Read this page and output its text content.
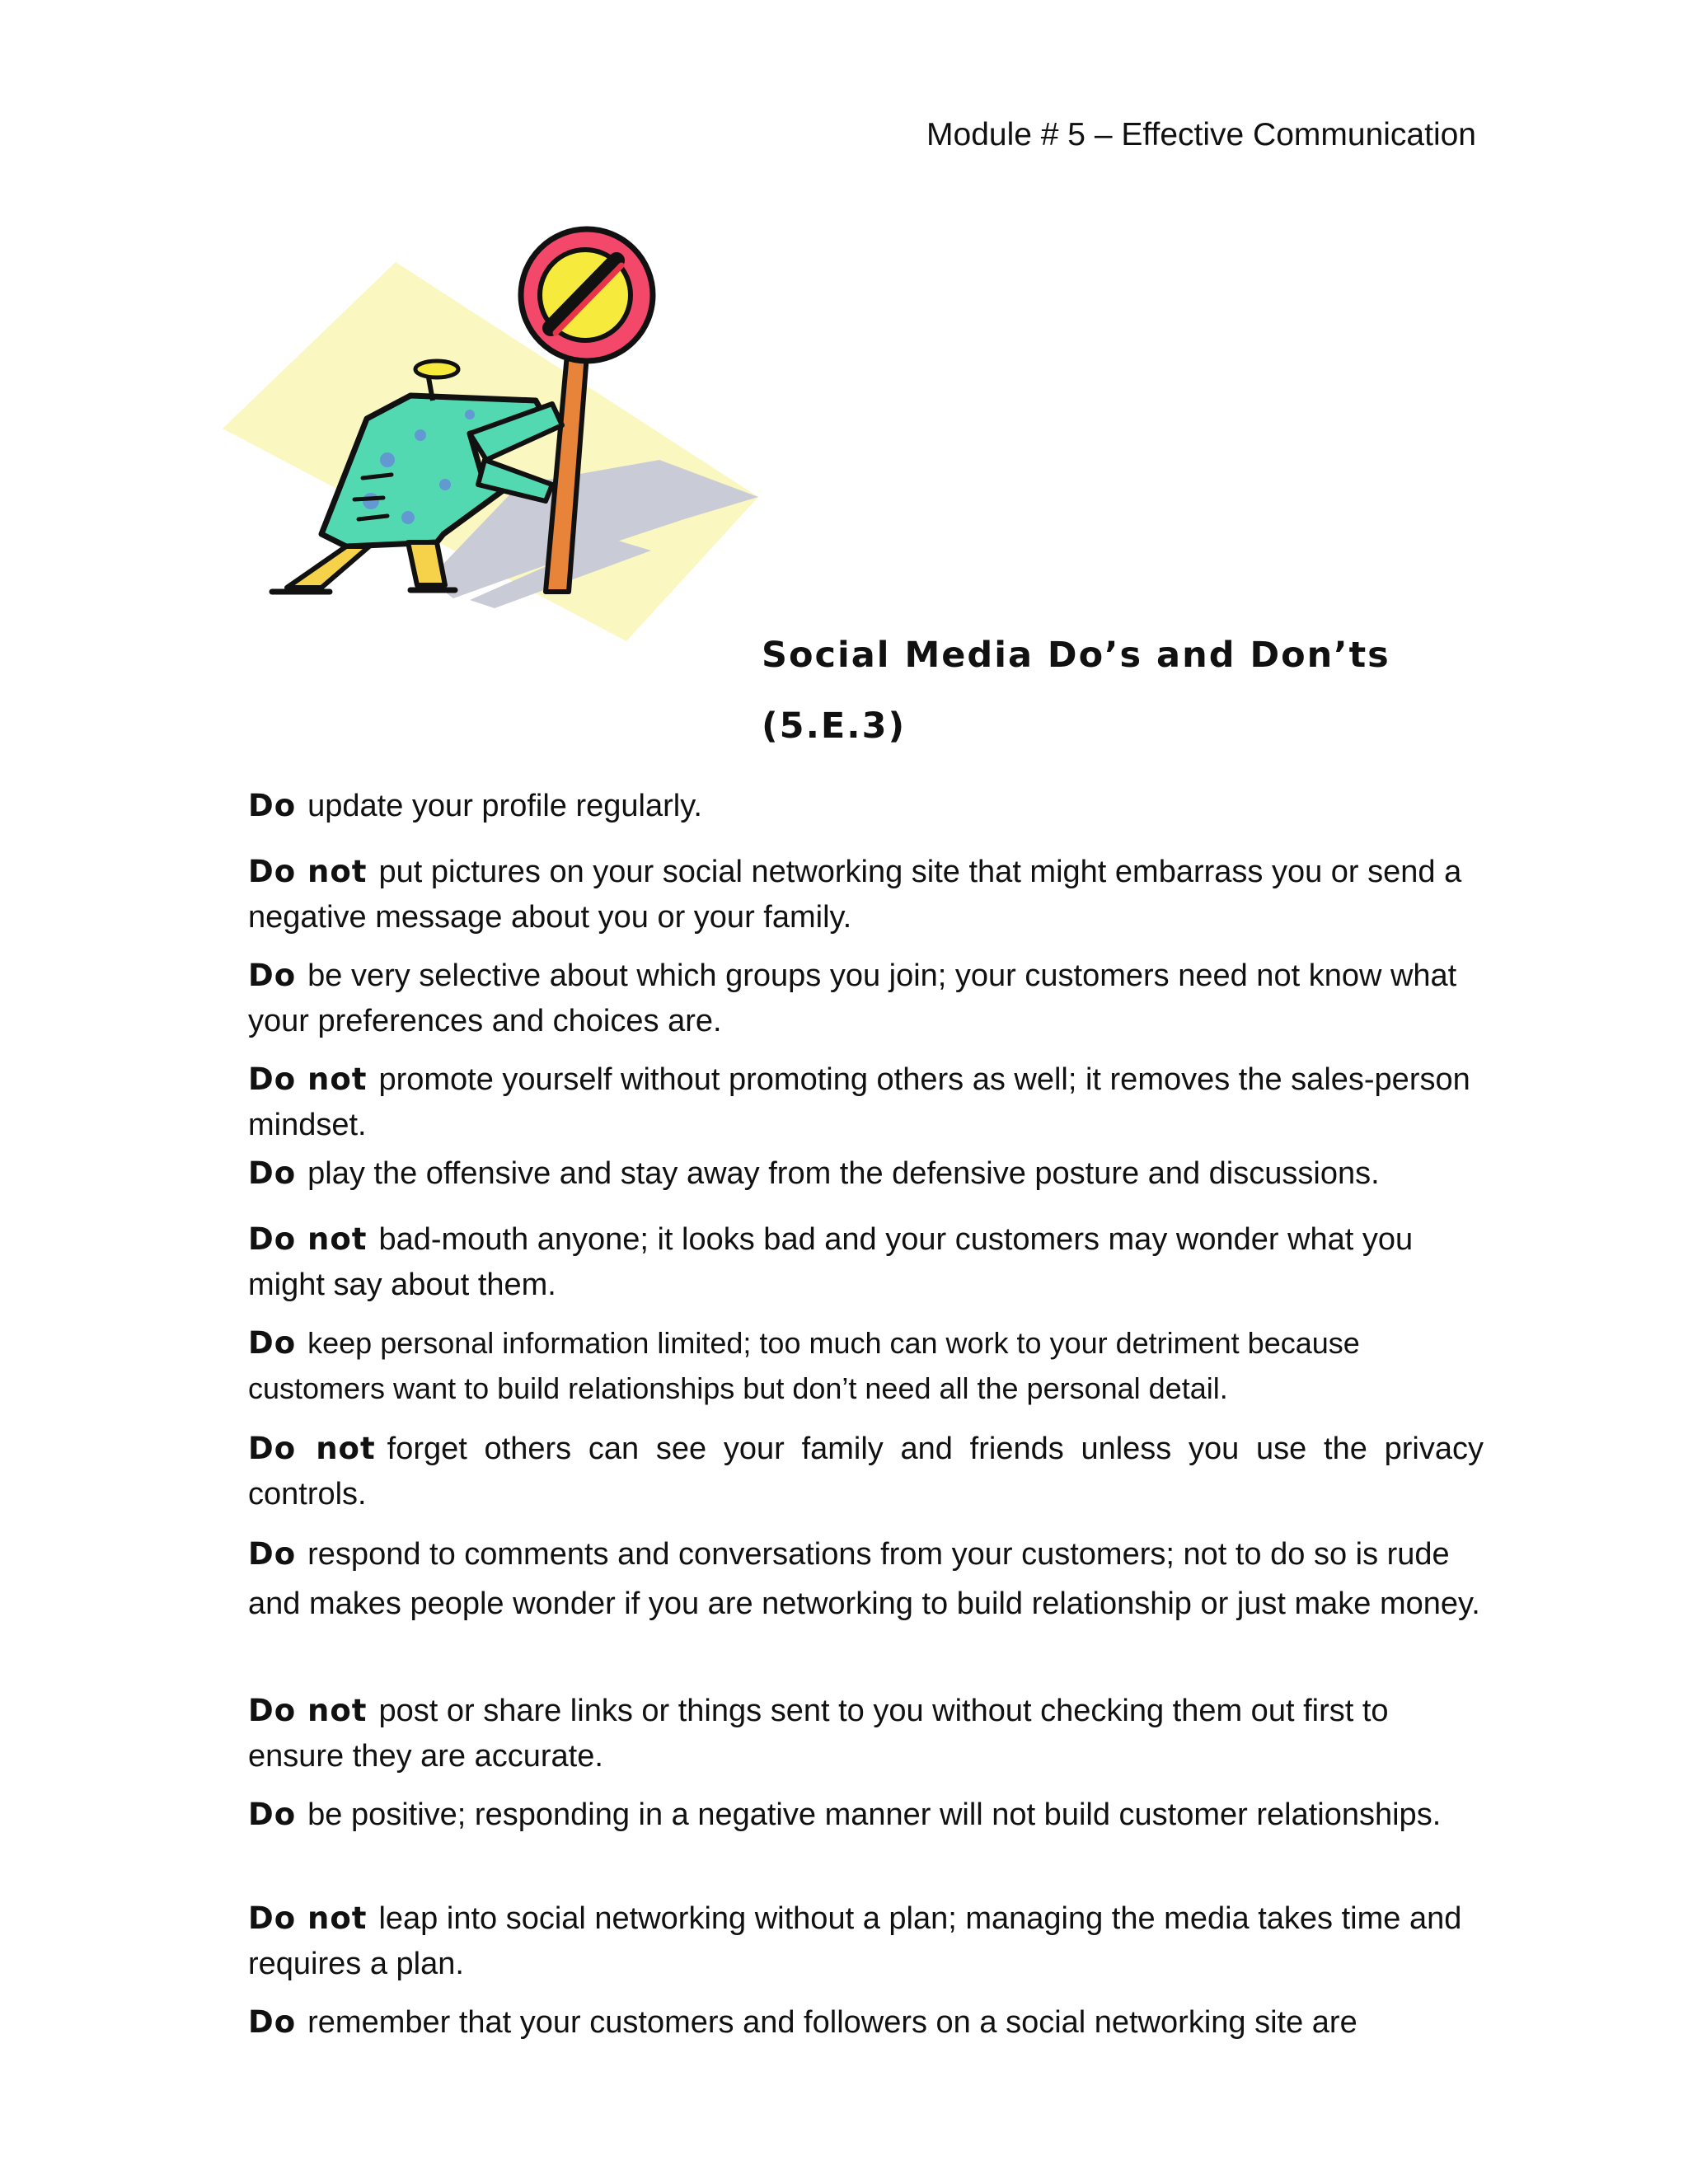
Module # 5 – Effective Communication
Social Media Do’s and Don’ts
(5.E.3)
Do update your profile regularly.
Do not put pictures on your social networking site that might embarrass you or send a negative message about you or your family.
Do be very selective about which groups you join; your customers need not know what your preferences and choices are.
Do not promote yourself without promoting others as well; it removes the sales-person mindset.
Do play the offensive and stay away from the defensive posture and discussions.
Do not bad-mouth anyone; it looks bad and your customers may wonder what you might say about them.
Do keep personal information limited; too much can work to your detriment because customers want to build relationships but don’t need all the personal detail.
Do not forget others can see your family and friends unless you use the privacy controls.
Do respond to comments and conversations from your customers; not to do so is rude and makes people wonder if you are networking to build relationship or just make money.
Do not post or share links or things sent to you without checking them out first to ensure they are accurate.
Do be positive; responding in a negative manner will not build customer relationships.
Do not leap into social networking without a plan; managing the media takes time and requires a plan.
Do remember that your customers and followers on a social networking site are
